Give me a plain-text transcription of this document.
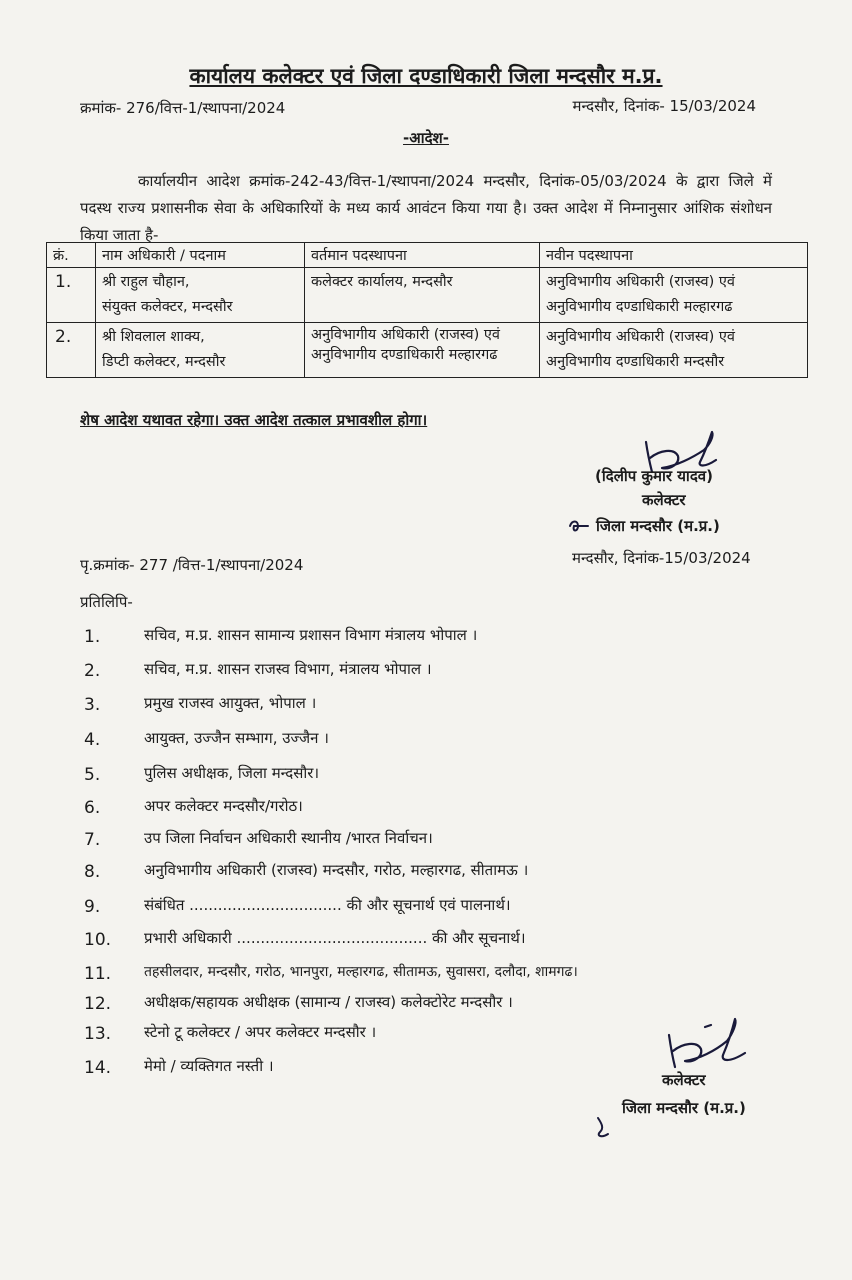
कार्यालय कलेक्टर एवं जिला दण्डाधिकारी जिला मन्दसौर म.प्र.
क्रमांक- 276/वित्त-1/स्थापना/2024	मन्दसौर, दिनांक- 15/03/2024
-आदेश-

कार्यालयीन आदेश क्रमांक-242-43/वित्त-1/स्थापना/2024 मन्दसौर, दिनांक-05/03/2024 के द्वारा जिले में पदस्थ राज्य प्रशासनीक सेवा के अधिकारियों के मध्य कार्य आवंटन किया गया है। उक्त आदेश में निम्नानुसार आंशिक संशोधन किया जाता है-

क्रं.	नाम अधिकारी / पदनाम	वर्तमान पदस्थापना	नवीन पदस्थापना
1.	श्री राहुल चौहान,
संयुक्त कलेक्टर, मन्दसौर	कलेक्टर कार्यालय, मन्दसौर	अनुविभागीय अधिकारी (राजस्व) एवं अनुविभागीय दण्डाधिकारी मल्हारगढ
2.	श्री शिवलाल शाक्य,
डिप्टी कलेक्टर, मन्दसौर	अनुविभागीय अधिकारी (राजस्व) एवं अनुविभागीय दण्डाधिकारी मल्हारगढ	अनुविभागीय अधिकारी (राजस्व) एवं अनुविभागीय दण्डाधिकारी मन्दसौर
शेष आदेश यथावत रहेगा। उक्त आदेश तत्काल प्रभावशील होगा।
(दिलीप कुमार यादव)
कलेक्टर
जिला मन्दसौर (म.प्र.)
पृ.क्रमांक- 277 /वित्त-1/स्थापना/2024	मन्दसौर, दिनांक-15/03/2024
प्रतिलिपि-
1.	सचिव, म.प्र. शासन सामान्य प्रशासन विभाग मंत्रालय भोपाल ।
2.	सचिव, म.प्र. शासन राजस्व विभाग, मंत्रालय भोपाल ।
3.	प्रमुख राजस्व आयुक्त, भोपाल ।
4.	आयुक्त, उज्जैन सम्भाग, उज्जैन ।
5.	पुलिस अधीक्षक, जिला मन्दसौर।
6.	अपर कलेक्टर मन्दसौर/गरोठ।
7.	उप जिला निर्वाचन अधिकारी स्थानीय /भारत निर्वाचन।
8.	अनुविभागीय अधिकारी (राजस्व) मन्दसौर, गरोठ, मल्हारगढ, सीतामऊ ।
9.	संबंधित ................................ की और सूचनार्थ एवं पालनार्थ।
10. प्रभारी अधिकारी ........................................ की और सूचनार्थ।
11. तहसीलदार, मन्दसौर, गरोठ, भानपुरा, मल्हारगढ, सीतामऊ, सुवासरा, दलौदा, शामगढ।
12. अधीक्षक/सहायक अधीक्षक (सामान्य / राजस्व) कलेक्टोरेट मन्दसौर ।
13. स्टेनो टू कलेक्टर / अपर कलेक्टर मन्दसौर ।
14. मेमो / व्यक्तिगत नस्ती ।
कलेक्टर
जिला मन्दसौर (म.प्र.)
